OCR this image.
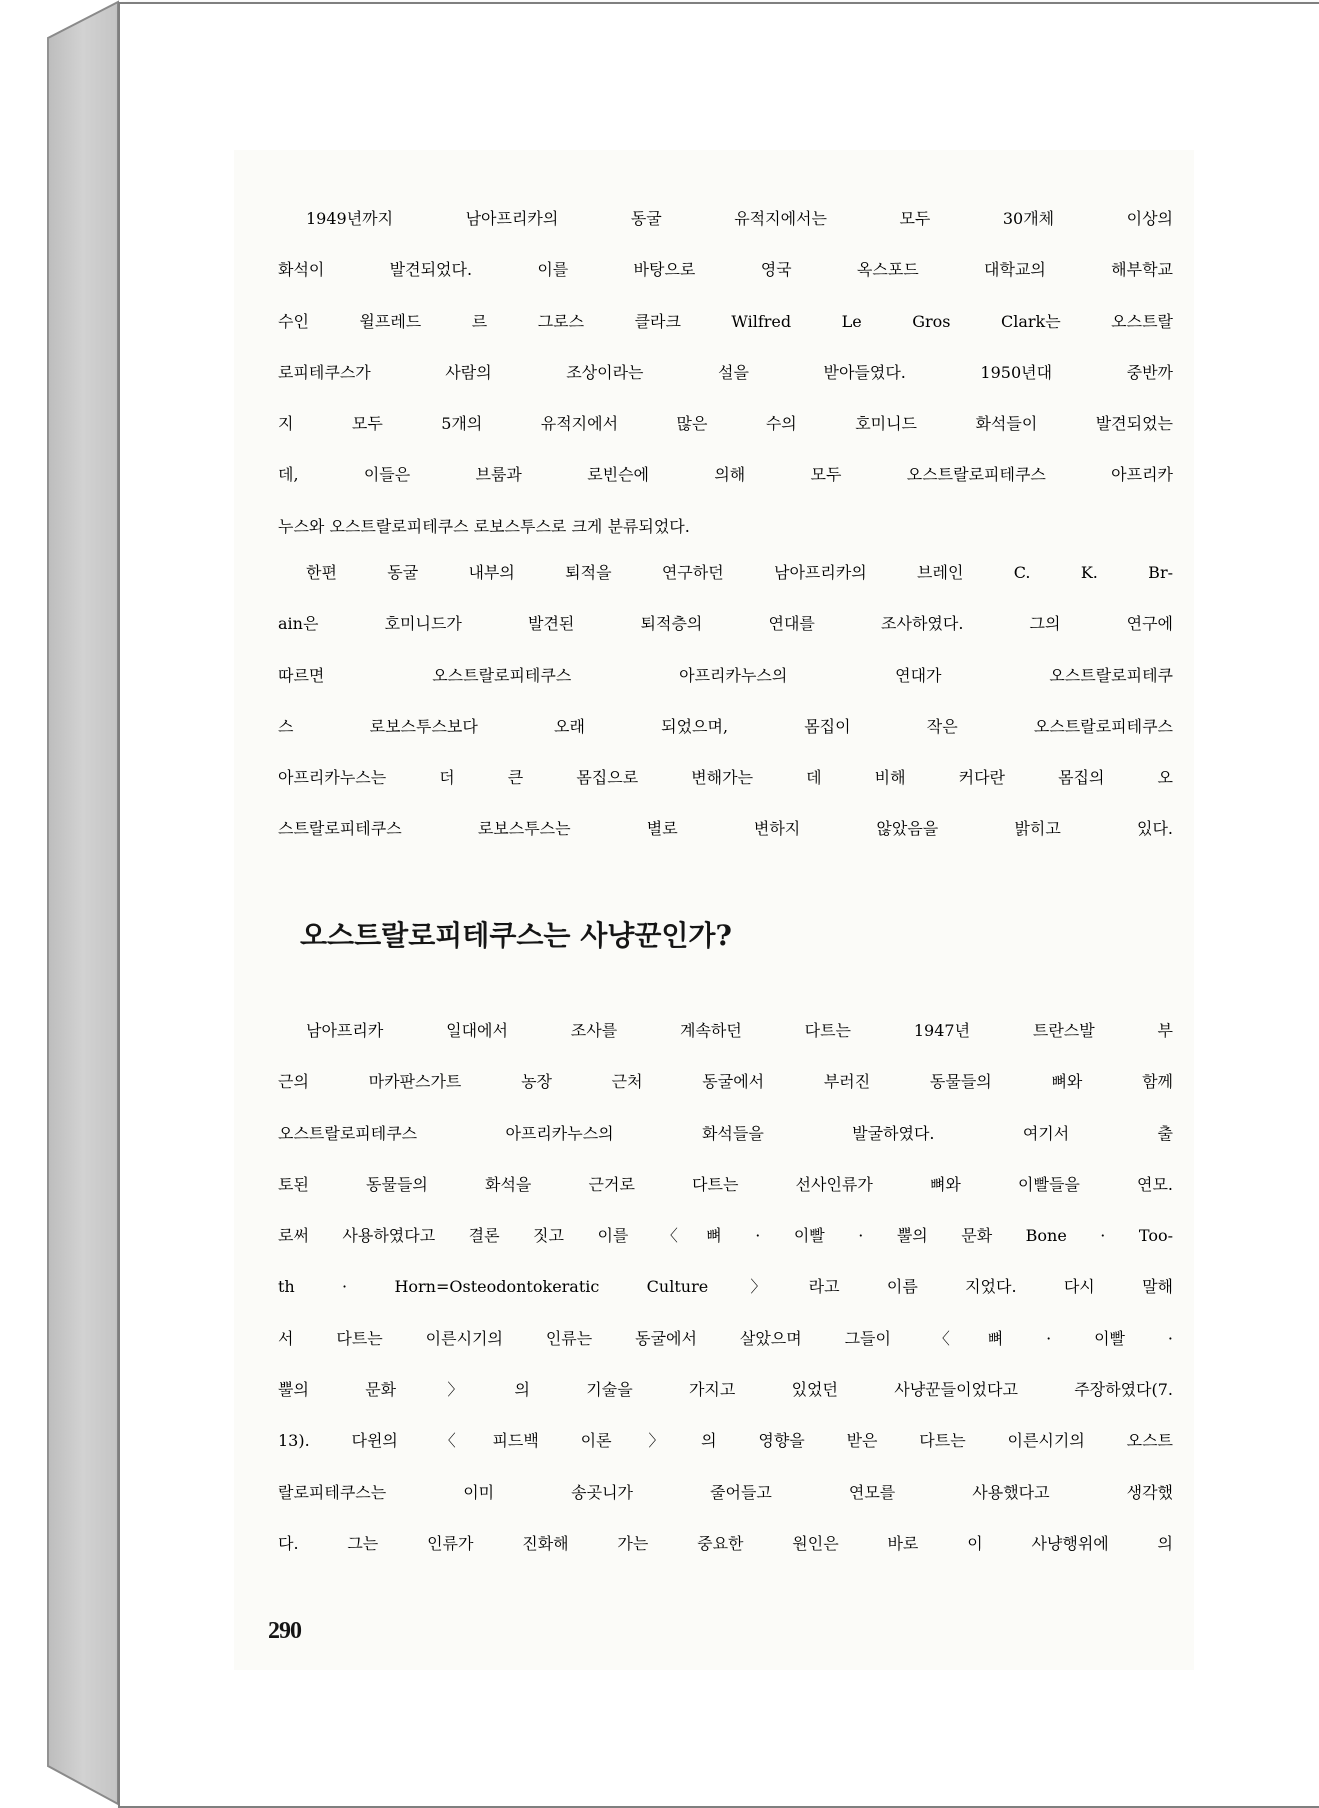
1949년까지 남아프리카의 동굴 유적지에서는 모두 30개체 이상의
화석이 발견되었다. 이를 바탕으로 영국 옥스포드 대학교의 해부학교
수인 윌프레드 르 그로스 클라크 Wilfred Le Gros Clark는 오스트랄
로피테쿠스가 사람의 조상이라는 설을 받아들였다. 1950년대 중반까
지 모두 5개의 유적지에서 많은 수의 호미니드 화석들이 발견되었는
데, 이들은 브룸과 로빈슨에 의해 모두 오스트랄로피테쿠스 아프리카
누스와 오스트랄로피테쿠스 로보스투스로 크게 분류되었다.
한편 동굴 내부의 퇴적을 연구하던 남아프리카의 브레인 C. K. Br-
ain은 호미니드가 발견된 퇴적층의 연대를 조사하였다. 그의 연구에
따르면 오스트랄로피테쿠스 아프리카누스의 연대가 오스트랄로피테쿠
스 로보스투스보다 오래 되었으며, 몸집이 작은 오스트랄로피테쿠스
아프리카누스는 더 큰 몸집으로 변해가는 데 비해 커다란 몸집의 오
스트랄로피테쿠스 로보스투스는 별로 변하지 않았음을 밝히고 있다.
오스트랄로피테쿠스는 사냥꾼인가?
남아프리카 일대에서 조사를 계속하던 다트는 1947년 트란스발 부
근의 마카판스가트 농장 근처 동굴에서 부러진 동물들의 뼈와 함께
오스트랄로피테쿠스 아프리카누스의 화석들을 발굴하였다. 여기서 출
토된 동물들의 화석을 근거로 다트는 선사인류가 뼈와 이빨들을 연모.
로써 사용하였다고 결론 짓고 이를 〈뼈 · 이빨 · 뿔의 문화 Bone · Too-
th · Horn=Osteodontokeratic Culture〉라고 이름 지었다. 다시 말해
서 다트는 이른시기의 인류는 동굴에서 살았으며 그들이 〈뼈 · 이빨 ·
뿔의 문화〉의 기술을 가지고 있었던 사냥꾼들이었다고 주장하였다(7.
13). 다윈의 〈피드백 이론〉의 영향을 받은 다트는 이른시기의 오스트
랄로피테쿠스는 이미 송곳니가 줄어들고 연모를 사용했다고 생각했
다. 그는 인류가 진화해 가는 중요한 원인은 바로 이 사냥행위에 의
290
